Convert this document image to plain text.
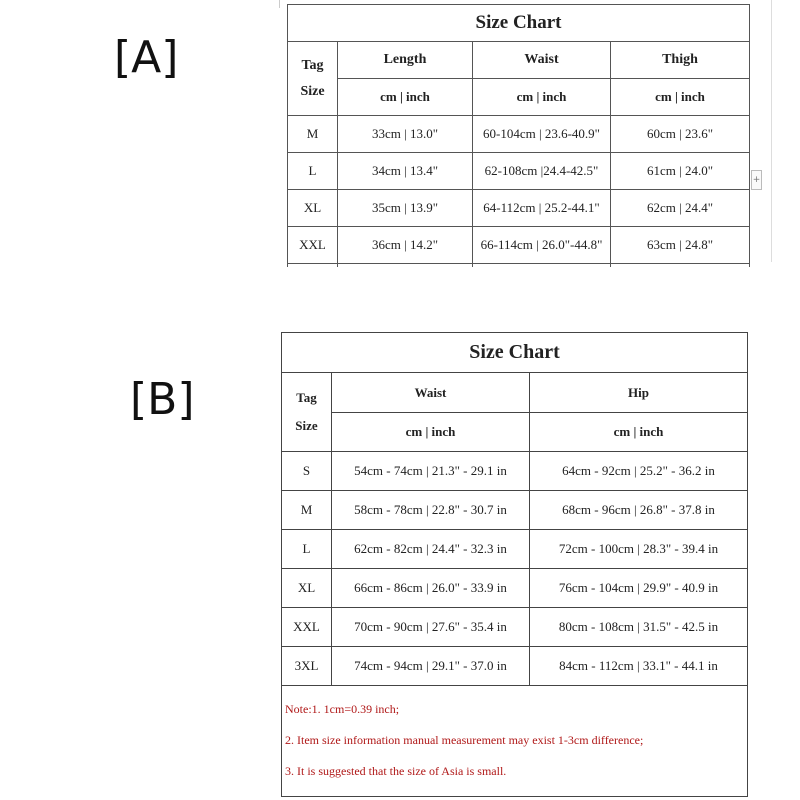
[A]
[B]
+
Size Chart			
Tag
Size	Length	Waist	Thigh
	cm | inch	cm | inch	cm | inch
M	33cm | 13.0"	60-104cm | 23.6-40.9"	60cm | 23.6"
L	34cm | 13.4"	62-108cm |24.4-42.5"	61cm | 24.0"
XL	35cm | 13.9"	64-112cm | 25.2-44.1"	62cm | 24.4"
XXL	36cm | 14.2"	66-114cm | 26.0"-44.8"	63cm | 24.8"

Size Chart		
Tag
Size	Waist	Hip
	cm | inch	cm | inch
S	54cm - 74cm | 21.3" - 29.1 in	64cm - 92cm | 25.2" - 36.2 in
M	58cm - 78cm | 22.8" - 30.7 in	68cm - 96cm | 26.8" - 37.8 in
L	62cm - 82cm | 24.4" - 32.3 in	72cm - 100cm | 28.3" - 39.4 in
XL	66cm - 86cm | 26.0" - 33.9 in	76cm - 104cm | 29.9" - 40.9 in
XXL	70cm - 90cm | 27.6" - 35.4 in	80cm - 108cm | 31.5" - 42.5 in
3XL	74cm - 94cm | 29.1" - 37.0 in	84cm - 112cm | 33.1" - 44.1 in

Note:1. 1cm=0.39 inch;
2. Item size information manual measurement may exist 1-3cm difference;
3. It is suggested that the size of Asia is small.		
